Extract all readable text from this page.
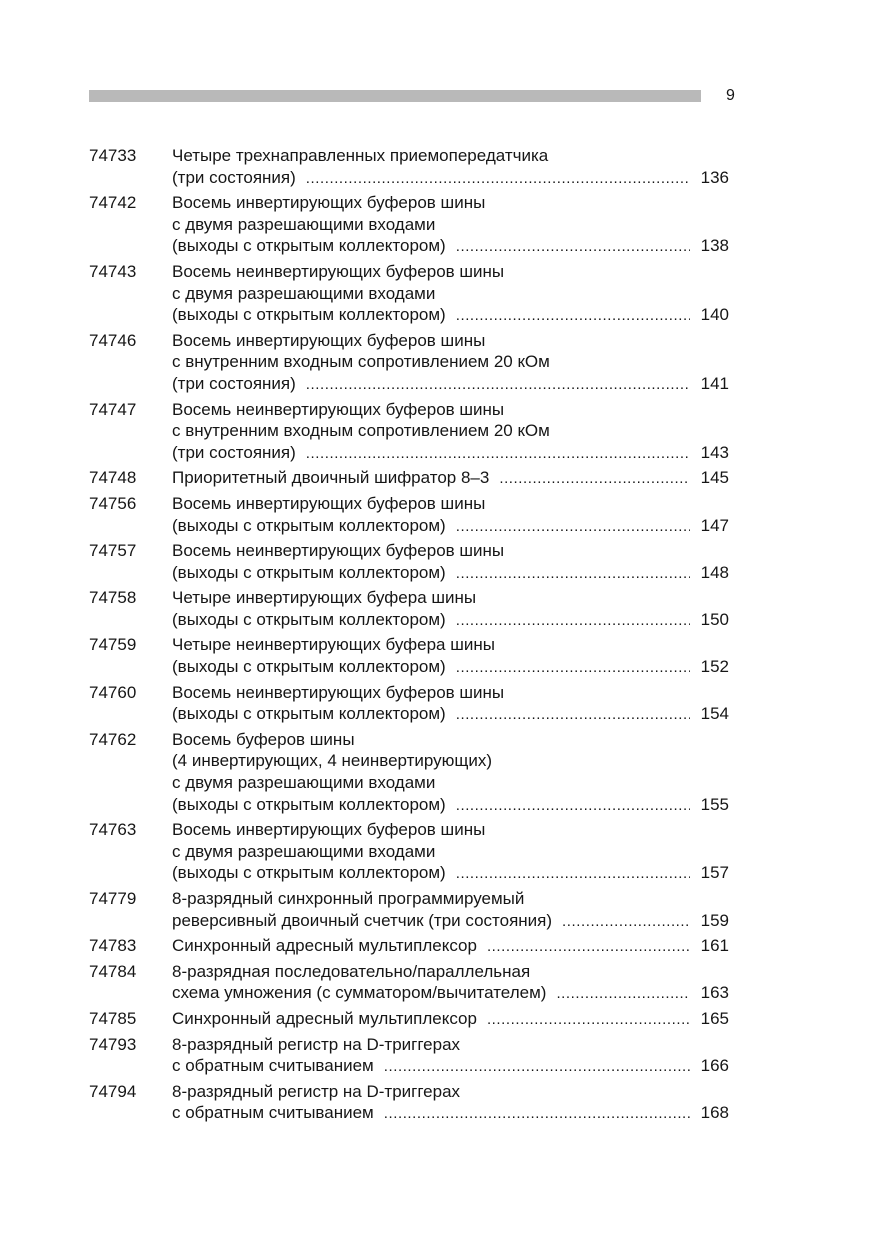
9
74733	Четыре трехнаправленных приемопередатчика
(три состояния) . . .	136
74742	Восемь инвертирующих буферов шины
с двумя разрешающими входами
(выходы с открытым коллектором) . . .	138
74743	Восемь неинвертирующих буферов шины
с двумя разрешающими входами
(выходы с открытым коллектором) . . .	140
74746	Восемь инвертирующих буферов шины
с внутренним входным сопротивлением 20 кОм
(три состояния) . . .	141
74747	Восемь неинвертирующих буферов шины
с внутренним входным сопротивлением 20 кОм
(три состояния) . . .	143
74748	Приоритетный двоичный шифратор 8–3 . . .	145
74756	Восемь инвертирующих буферов шины
(выходы с открытым коллектором) . . .	147
74757	Восемь неинвертирующих буферов шины
(выходы с открытым коллектором) . . .	148
74758	Четыре инвертирующих буфера шины
(выходы с открытым коллектором) . . .	150
74759	Четыре неинвертирующих буфера шины
(выходы с открытым коллектором) . . .	152
74760	Восемь неинвертирующих буферов шины
(выходы с открытым коллектором) . . .	154
74762	Восемь буферов шины
(4 инвертирующих, 4 неинвертирующих)
с двумя разрешающими входами
(выходы с открытым коллектором) . . .	155
74763	Восемь инвертирующих буферов шины
с двумя разрешающими входами
(выходы с открытым коллектором) . . .	157
74779	8-разрядный синхронный программируемый
реверсивный двоичный счетчик (три состояния) . . .	159
74783	Синхронный адресный мультиплексор . . .	161
74784	8-разрядная последовательно/параллельная
схема умножения (с сумматором/вычитателем) . . .	163
74785	Синхронный адресный мультиплексор . . .	165
74793	8-разрядный регистр на D-триггерах
с обратным считыванием . . .	166
74794	8-разрядный регистр на D-триггерах
с обратным считыванием . . .	168
